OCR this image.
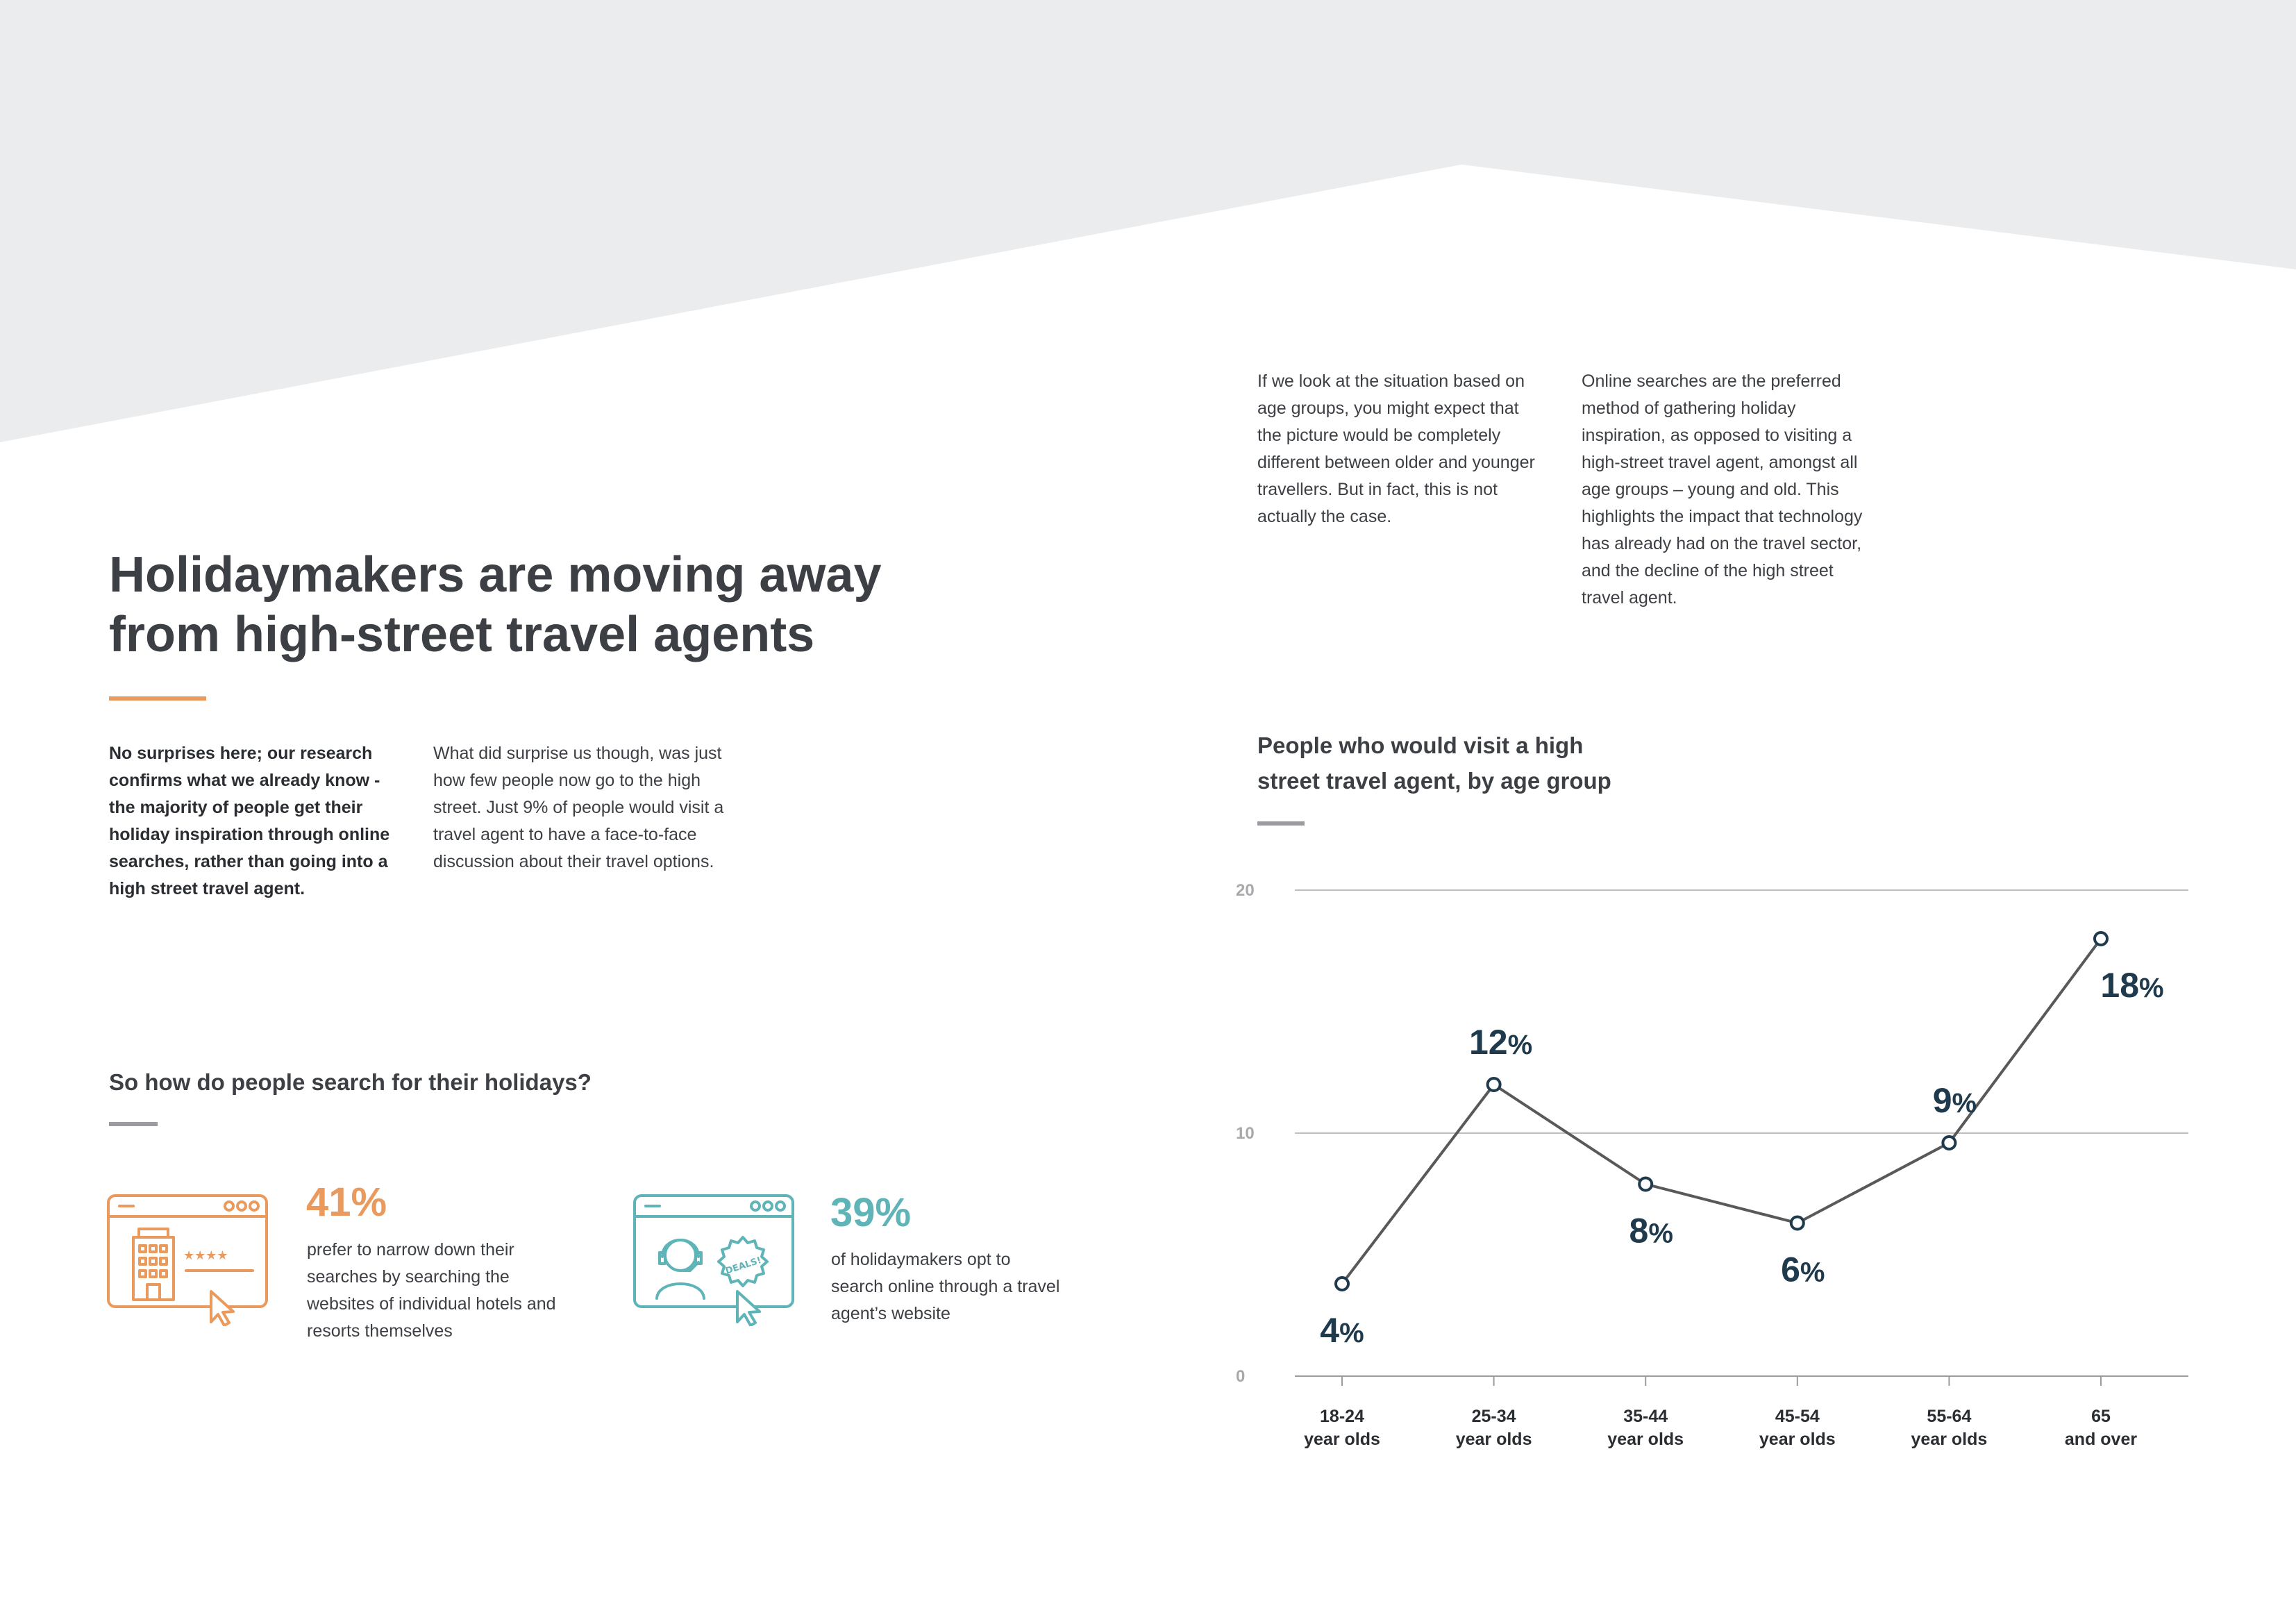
Holidaymakers are moving away
from high-street travel agents

No surprises here; our research confirms what we already know - the majority of people get their holiday inspiration through online searches, rather than going into a high street travel agent.

What did surprise us though, was just how few people now go to the high street. Just 9% of people would visit a travel agent to have a face-to-face discussion about their travel options.

If we look at the situation based on age groups, you might expect that the picture would be completely different between older and younger travellers. But in fact, this is not actually the case.

Online searches are the preferred method of gathering holiday inspiration, as opposed to visiting a high-street travel agent, amongst all age groups – young and old. This highlights the impact that technology has already had on the travel sector, and the decline of the high street travel agent.

So how do people search for their holidays?
★★★★
41%

prefer to narrow down their searches by searching the websites of individual hotels and resorts themselves

DEALS!
39%

of holidaymakers opt to search online through a travel agent’s website

People who would visit a high
street travel agent, by age group
0
10
20
18-24 year olds
25-34 year olds
35-44 year olds
45-54 year olds
55-64 year olds
65 and over
4%
12%
8%
6%
9%
18%
